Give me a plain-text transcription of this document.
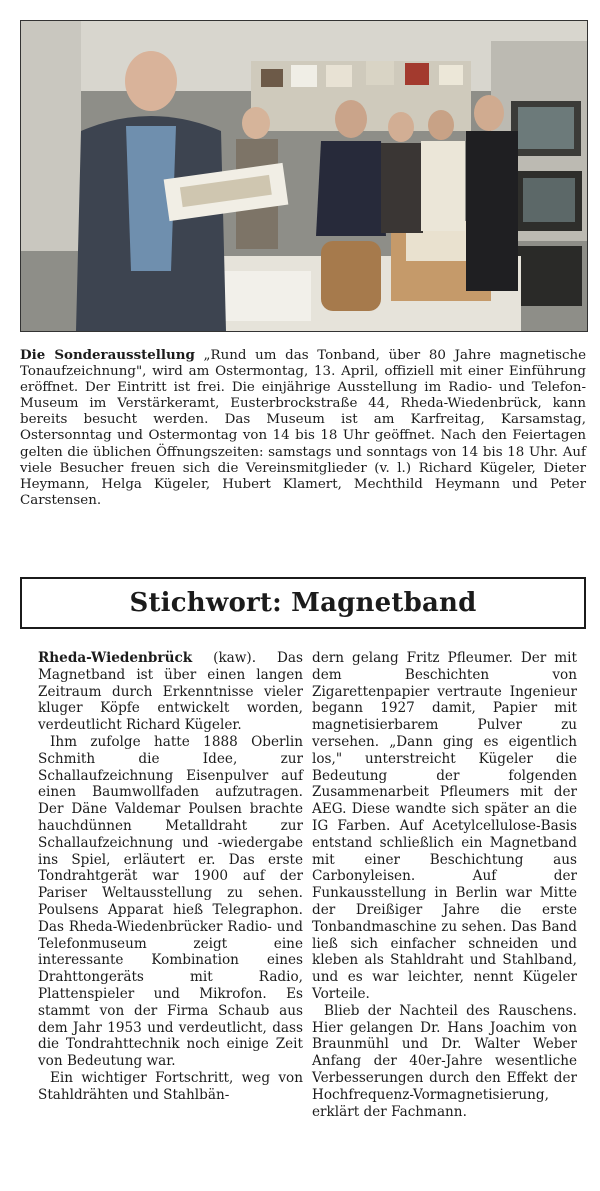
Die Sonderausstellung „Rund um das Tonband, über 80 Jahre magnetische Tonaufzeichnung", wird am Ostermontag, 13. April, offiziell mit einer Einführung eröffnet. Der Eintritt ist frei. Die einjährige Ausstellung im Radio- und Telefon-Museum im Verstärkeramt, Eusterbrockstraße 44, Rheda-Wiedenbrück, kann bereits besucht werden. Das Museum ist am Karfreitag, Karsamstag, Ostersonntag und Ostermontag von 14 bis 18 Uhr geöffnet. Nach den Feiertagen gelten die üblichen Öffnungszeiten: samstags und sonntags von 14 bis 18 Uhr. Auf viele Besucher freuen sich die Vereinsmitglieder (v. l.) Richard Kügeler, Dieter Heymann, Helga Kügeler, Hubert Klamert, Mechthild Heymann und Peter Carstensen.
Stichwort: Magnetband

Rheda-Wiedenbrück (kaw). Das Magnetband ist über einen langen Zeitraum durch Erkenntnisse vieler kluger Köpfe entwickelt worden, verdeutlicht Richard Kügeler.

Ihm zufolge hatte 1888 Oberlin Schmith die Idee, zur Schallaufzeichnung Eisenpulver auf einen Baumwollfaden aufzutragen. Der Däne Valdemar Poulsen brachte hauchdünnen Metalldraht zur Schallaufzeichnung und -wiedergabe ins Spiel, erläutert er. Das erste Tondrahtgerät war 1900 auf der Pariser Weltausstellung zu sehen. Poulsens Apparat hieß Telegraphon. Das Rheda-Wiedenbrücker Radio- und Telefonmuseum zeigt eine interessante Kombination eines Drahttongeräts mit Radio, Plattenspieler und Mikrofon. Es stammt von der Firma Schaub aus dem Jahr 1953 und verdeutlicht, dass die Tondrahttechnik noch einige Zeit von Bedeutung war.

Ein wichtiger Fortschritt, weg von Stahldrähten und Stahlbän-

dern gelang Fritz Pfleumer. Der mit dem Beschichten von Zigarettenpapier vertraute Ingenieur begann 1927 damit, Papier mit magnetisierbarem Pulver zu versehen. „Dann ging es eigentlich los," unterstreicht Kügeler die Bedeutung der folgenden Zusammenarbeit Pfleumers mit der AEG. Diese wandte sich später an die IG Farben. Auf Acetylcellulose-Basis entstand schließlich ein Magnetband mit einer Beschichtung aus Carbonyleisen. Auf der Funkausstellung in Berlin war Mitte der Dreißiger Jahre die erste Tonbandmaschine zu sehen. Das Band ließ sich einfacher schneiden und kleben als Stahldraht und Stahlband, und es war leichter, nennt Kügeler Vorteile.

Blieb der Nachteil des Rauschens. Hier gelangen Dr. Hans Joachim von Braunmühl und Dr. Walter Weber Anfang der 40er-Jahre wesentliche Verbesserungen durch den Effekt der Hochfrequenz-Vormagnetisierung, erklärt der Fachmann.
